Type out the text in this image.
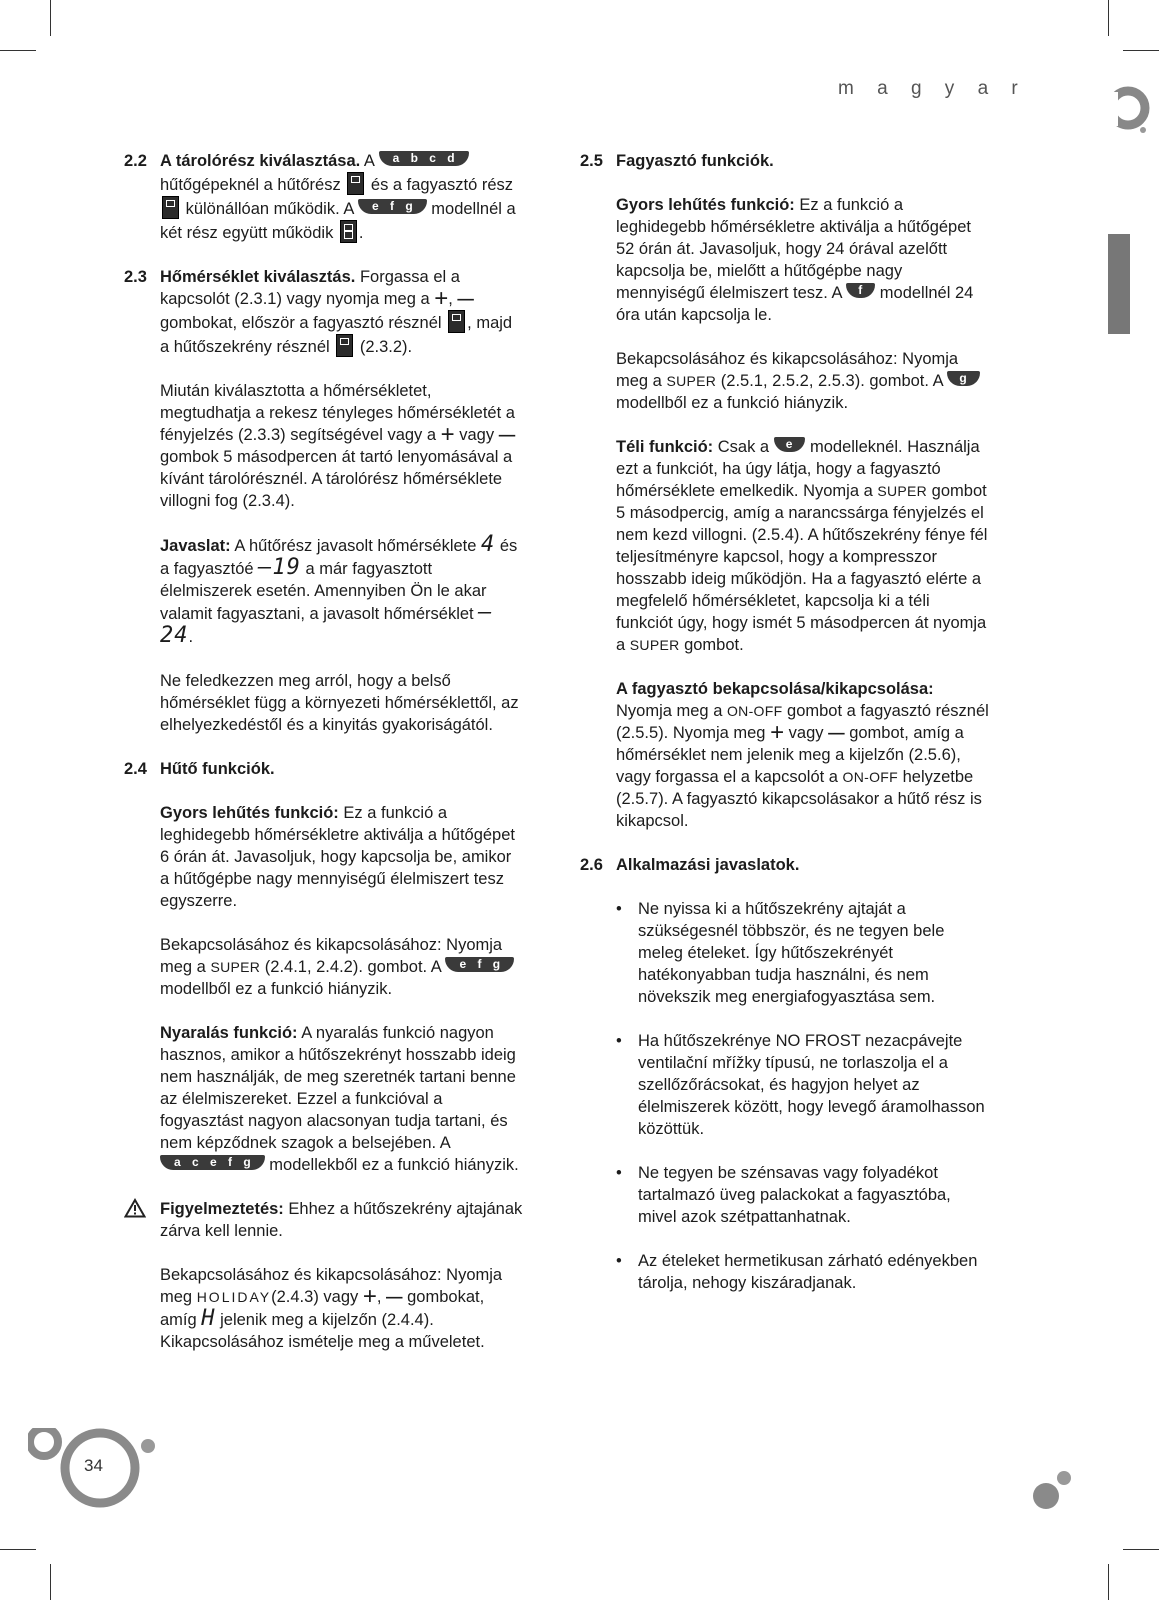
m a g y a r
2.2 A tárolórész kiválasztása. A a b c d hűtőgépeknél a hűtőrész  és a fagyasztó rész  különállóan működik. A e f g modellnél a két rész együtt működik .
2.3 Hőmérséklet kiválasztás. Forgassa el a kapcsolót (2.3.1) vagy nyomja meg a +, — gombokat, először a fagyasztó résznél , majd a hűtőszekrény résznél  (2.3.2).

Miután kiválasztotta a hőmérsékletet, megtudhatja a rekesz tényleges hőmérsékletét a fényjelzés (2.3.3) segítségével vagy a + vagy — gombok 5 másodpercen át tartó lenyomásával a kívánt tárolórésznél. A tárolórész hőmérséklete villogni fog (2.3.4).

Javaslat: A hűtőrész javasolt hőmérséklete 4 és a fagyasztóé –19 a már fagyasztott élelmiszerek esetén. Amennyiben Ön le akar valamit fagyasztani, a javasolt hőmérséklet –24.

Ne feledkezzen meg arról, hogy a belső hőmérséklet függ a környezeti hőmérséklettől, az elhelyezkedéstől és a kinyitás gyakoriságától.

2.4 Hűtő funkciók.

Gyors lehűtés funkció: Ez a funkció a leghidegebb hőmérsékletre aktiválja a hűtőgépet 6 órán át. Javasoljuk, hogy kapcsolja be, amikor a hűtőgépbe nagy mennyiségű élelmiszert tesz egyszerre.

Bekapcsolásához és kikapcsolásához: Nyomja meg a SUPER (2.4.1, 2.4.2). gombot. A e f g modellből ez a funkció hiányzik.

Nyaralás funkció: A nyaralás funkció nagyon hasznos, amikor a hűtőszekrényt hosszabb ideig nem használják, de meg szeretnék tartani benne az élelmiszereket. Ezzel a funkcióval a fogyasztást nagyon alacsonyan tudja tartani, és nem képződnek szagok a belsejében. A a c e f g modellekből ez a funkció hiányzik.

Figyelmeztetés: Ehhez a hűtőszekrény ajtajának zárva kell lennie.

Bekapcsolásához és kikapcsolásához: Nyomja meg HOLIDAY(2.4.3) vagy +, — gombokat, amíg H jelenik meg a kijelzőn (2.4.4). Kikapcsolásához ismételje meg a műveletet.

2.5 Fagyasztó funkciók.

Gyors lehűtés funkció: Ez a funkció a leghidegebb hőmérsékletre aktiválja a hűtőgépet 52 órán át. Javasoljuk, hogy 24 órával azelőtt kapcsolja be, mielőtt a hűtőgépbe nagy mennyiségű élelmiszert tesz. A f modellnél 24 óra után kapcsolja le.

Bekapcsolásához és kikapcsolásához: Nyomja meg a SUPER (2.5.1, 2.5.2, 2.5.3). gombot. A g modellből ez a funkció hiányzik.

Téli funkció: Csak a e modelleknél. Használja ezt a funkciót, ha úgy látja, hogy a fagyasztó hőmérséklete emelkedik. Nyomja a SUPER gombot 5 másodpercig, amíg a narancssárga fényjelzés el nem kezd villogni. (2.5.4). A hűtőszekrény fénye fél teljesítményre kapcsol, hogy a kompresszor hosszabb ideig működjön. Ha a fagyasztó elérte a megfelelő hőmérsékletet, kapcsolja ki a téli funkciót úgy, hogy ismét 5 másodpercen át nyomja a SUPER gombot.

A fagyasztó bekapcsolása/kikapcsolása: Nyomja meg a ON-OFF gombot a fagyasztó résznél (2.5.5). Nyomja meg + vagy — gombot, amíg a hőmérséklet nem jelenik meg a kijelzőn (2.5.6), vagy forgassa el a kapcsolót a ON-OFF helyzetbe (2.5.7). A fagyasztó kikapcsolásakor a hűtő rész is kikapcsol.

2.6 Alkalmazási javaslatok.

• Ne nyissa ki a hűtőszekrény ajtaját a szükségesnél többször, és ne tegyen bele meleg ételeket. Így hűtőszekrényét hatékonyabban tudja használni, és nem növekszik meg energiafogyasztása sem.
• Ha hűtőszekrénye NO FROST nezacpávejte ventilační mřížky típusú, ne torlaszolja el a szellőzőrácsokat, és hagyjon helyet az élelmiszerek között, hogy levegő áramolhasson közöttük.
• Ne tegyen be szénsavas vagy folyadékot tartalmazó üveg palackokat a fagyasztóba, mivel azok szétpattanhatnak.
• Az ételeket hermetikusan zárható edényekben tárolja, nehogy kiszáradjanak.
34
